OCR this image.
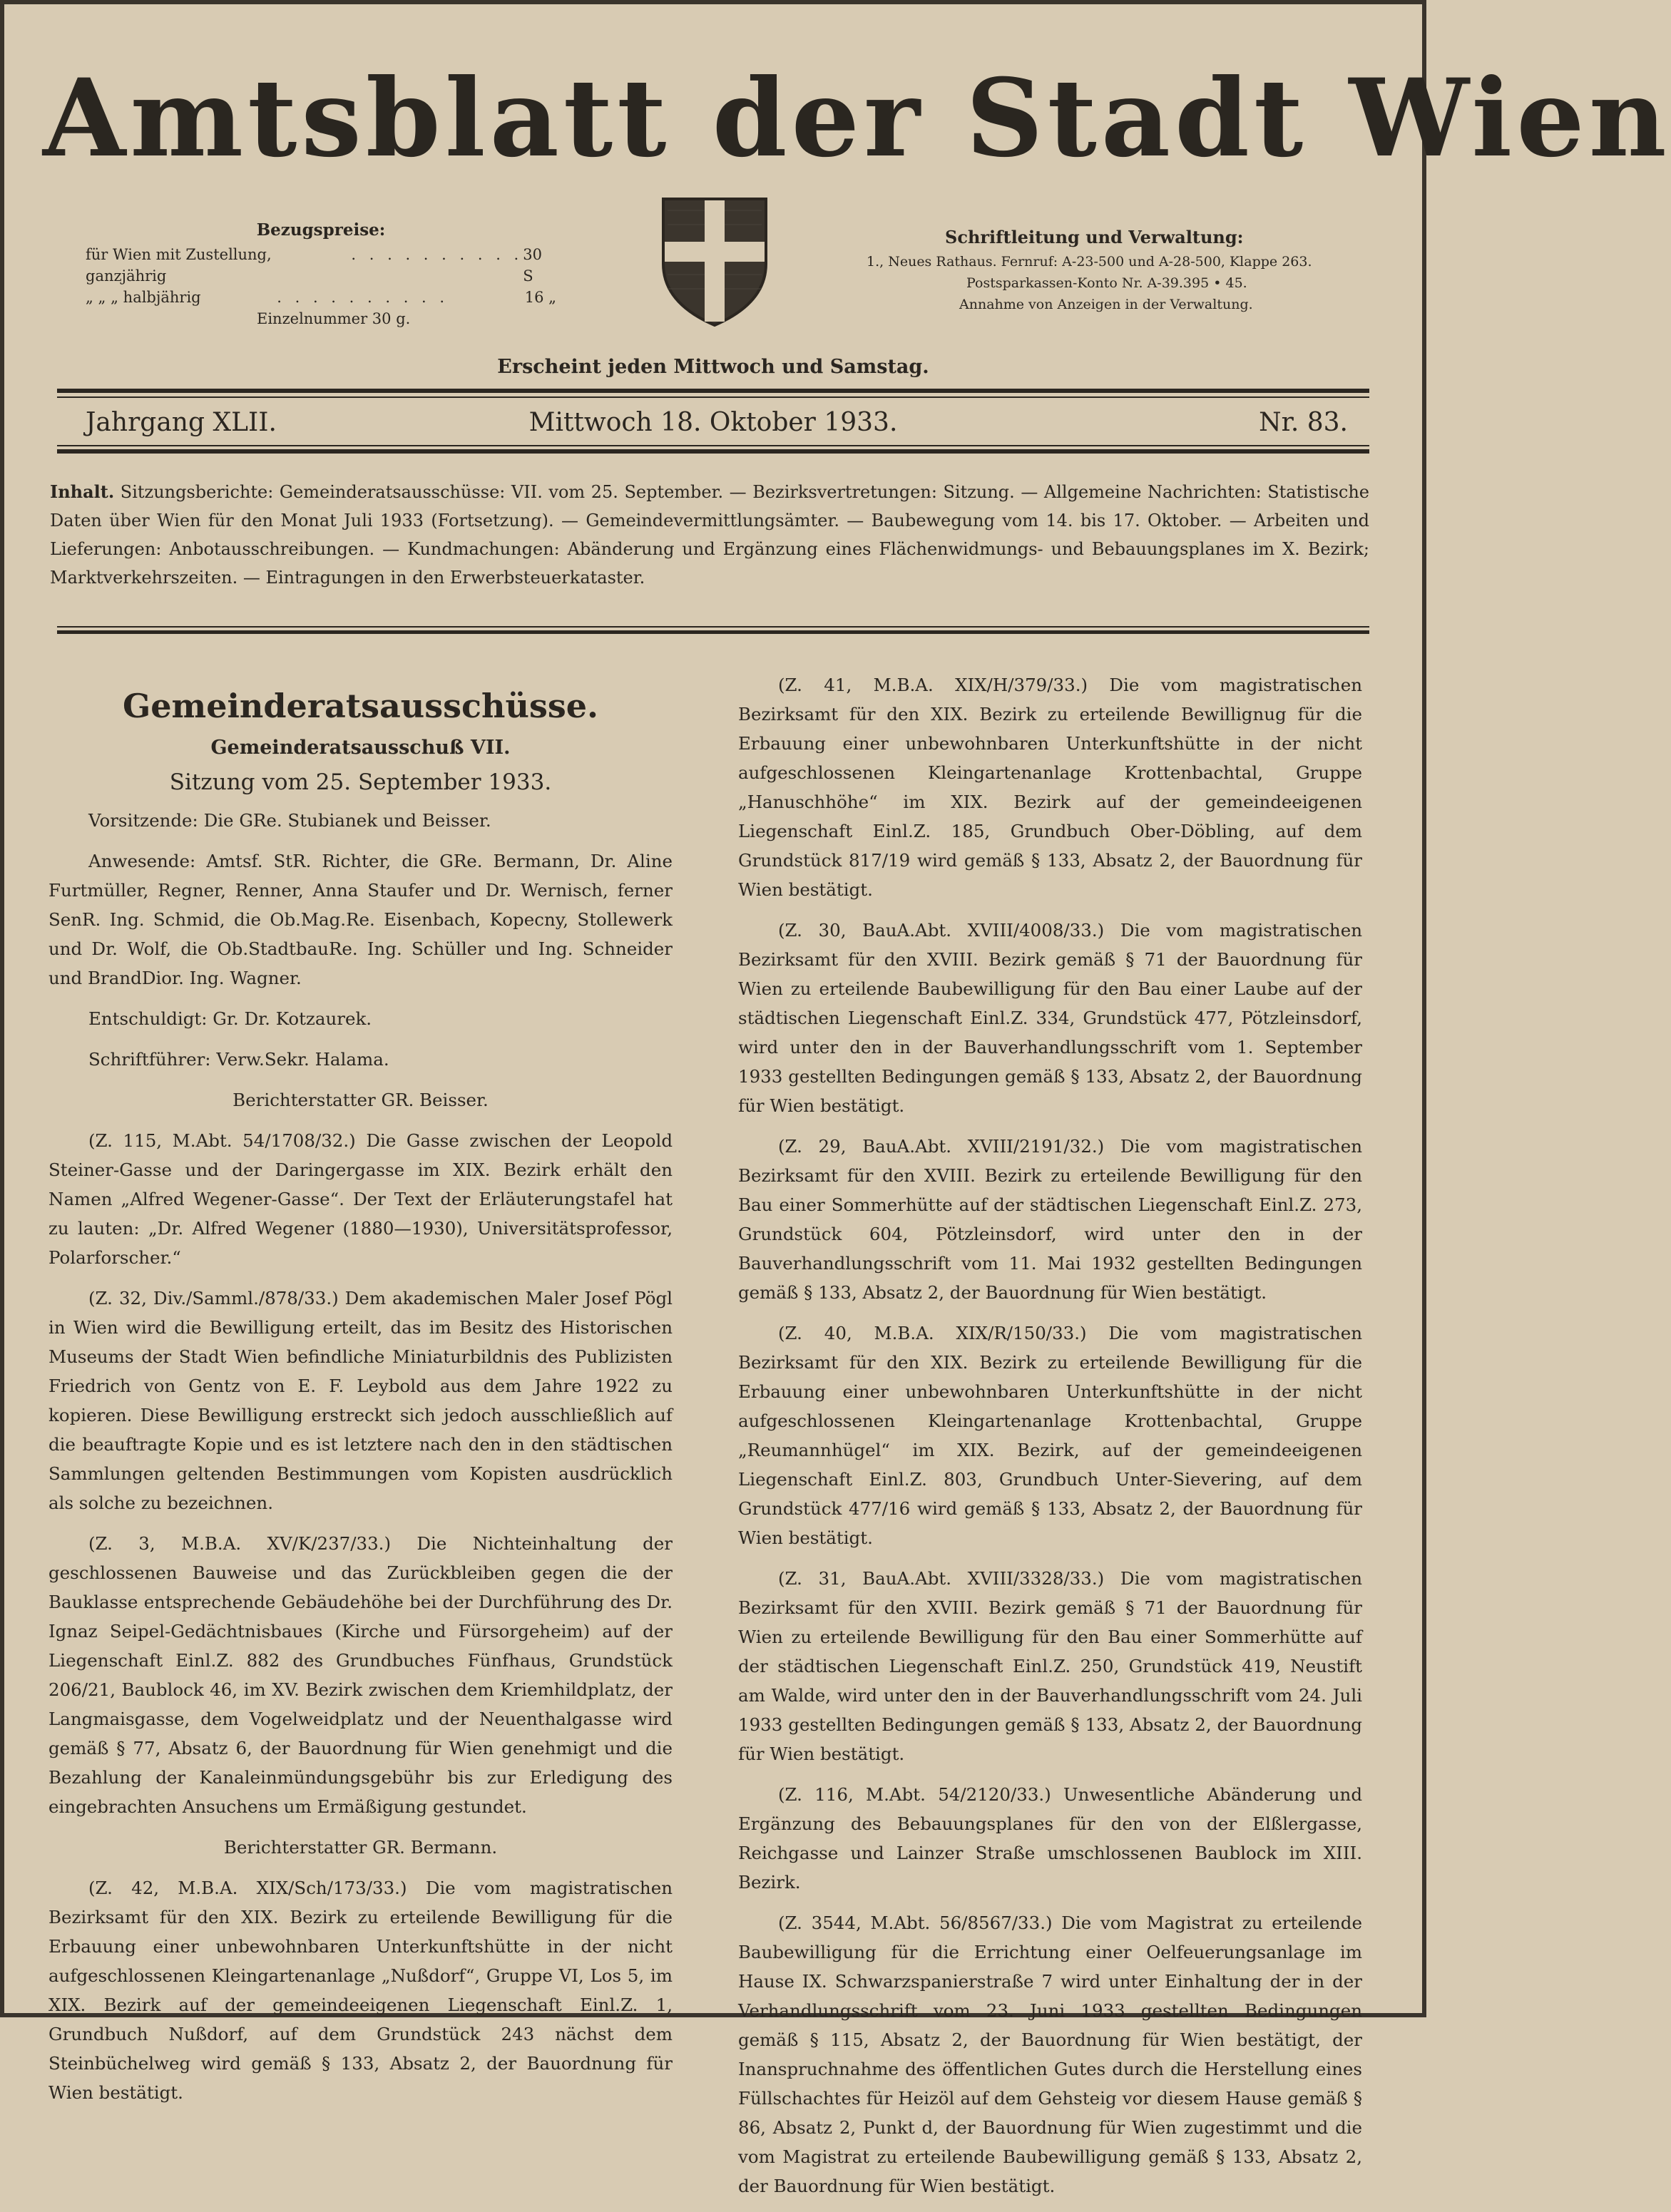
Amtsblatt der Stadt Wien
Bezugspreise:
für Wien mit Zustellung, ganzjährig
. . . . . . . . . . 30 S
„ „ „ halbjährig	. . . . . . . . . .	16 „
Einzelnummer 30 g.
Schriftleitung und Verwaltung:
1., Neues Rathaus. Fernruf: A-23-500 und A-28-500, Klappe 263.
Postsparkassen-Konto Nr. A-39.395 • 45.
Annahme von Anzeigen in der Verwaltung.
Erscheint jeden Mittwoch und Samstag.
Jahrgang XLII.	Mittwoch 18. Oktober 1933.	Nr. 83.
Inhalt. Sitzungsberichte: Gemeinderatsausschüsse: VII. vom 25. September. — Bezirksvertretungen: Sitzung. — Allgemeine Nachrichten: Statistische Daten über Wien für den Monat Juli 1933 (Fortsetzung). — Gemeindevermittlungsämter. — Baubewegung vom 14. bis 17. Oktober. — Arbeiten und Lieferungen: Anbotausschreibungen. — Kundmachungen: Abänderung und Ergänzung eines Flächenwidmungs- und Bebauungsplanes im X. Bezirk; Marktverkehrszeiten. — Eintragungen in den Erwerbsteuerkataster.
Gemeinderatsausschüsse.
Gemeinderatsausschuß VII.
Sitzung vom 25. September 1933.

Vorsitzende: Die GRe. Stubianek und Beisser.

Anwesende: Amtsf. StR. Richter, die GRe. Bermann, Dr. Aline Furtmüller, Regner, Renner, Anna Staufer und Dr. Wernisch, ferner SenR. Ing. Schmid, die Ob.Mag.Re. Eisenbach, Kopecny, Stollewerk und Dr. Wolf, die Ob.StadtbauRe. Ing. Schüller und Ing. Schneider und BrandDior. Ing. Wagner.

Entschuldigt: Gr. Dr. Kotzaurek.

Schriftführer: Verw.Sekr. Halama.

Berichterstatter GR. Beisser.

(Z. 115, M.Abt. 54/1708/32.) Die Gasse zwischen der Leopold Steiner-Gasse und der Daringergasse im XIX. Bezirk erhält den Namen „Alfred Wegener-Gasse“. Der Text der Erläuterungstafel hat zu lauten: „Dr. Alfred Wegener (1880—1930), Universitätsprofessor, Polarforscher.“

(Z. 32, Div./Samml./878/33.) Dem akademischen Maler Josef Pögl in Wien wird die Bewilligung erteilt, das im Besitz des Historischen Museums der Stadt Wien befindliche Miniaturbildnis des Publizisten Friedrich von Gentz von E. F. Leybold aus dem Jahre 1922 zu kopieren. Diese Bewilligung erstreckt sich jedoch ausschließlich auf die beauftragte Kopie und es ist letztere nach den in den städtischen Sammlungen geltenden Bestimmungen vom Kopisten ausdrücklich als solche zu bezeichnen.

(Z. 3, M.B.A. XV/K/237/33.) Die Nichteinhaltung der geschlossenen Bauweise und das Zurückbleiben gegen die der Bauklasse entsprechende Gebäudehöhe bei der Durchführung des Dr. Ignaz Seipel-Gedächtnisbaues (Kirche und Fürsorgeheim) auf der Liegenschaft Einl.Z. 882 des Grundbuches Fünfhaus, Grundstück 206/21, Baublock 46, im XV. Bezirk zwischen dem Kriemhildplatz, der Langmaisgasse, dem Vogelweidplatz und der Neuenthalgasse wird gemäß § 77, Absatz 6, der Bauordnung für Wien genehmigt und die Bezahlung der Kanaleinmündungsgebühr bis zur Erledigung des eingebrachten Ansuchens um Ermäßigung gestundet.

Berichterstatter GR. Bermann.

(Z. 42, M.B.A. XIX/Sch/173/33.) Die vom magistratischen Bezirksamt für den XIX. Bezirk zu erteilende Bewilligung für die Erbauung einer unbewohnbaren Unterkunftshütte in der nicht aufgeschlossenen Kleingartenanlage „Nußdorf“, Gruppe VI, Los 5, im XIX. Bezirk auf der gemeindeeigenen Liegenschaft Einl.Z. 1, Grundbuch Nußdorf, auf dem Grundstück 243 nächst dem Steinbüchelweg wird gemäß § 133, Absatz 2, der Bauordnung für Wien bestätigt.

(Z. 41, M.B.A. XIX/H/379/33.) Die vom magistratischen Bezirksamt für den XIX. Bezirk zu erteilende Bewillignug für die Erbauung einer unbewohnbaren Unterkunftshütte in der nicht aufgeschlossenen Kleingartenanlage Krottenbachtal, Gruppe „Hanuschhöhe“ im XIX. Bezirk auf der gemeindeeigenen Liegenschaft Einl.Z. 185, Grundbuch Ober-Döbling, auf dem Grundstück 817/19 wird gemäß § 133, Absatz 2, der Bauordnung für Wien bestätigt.

(Z. 30, BauA.Abt. XVIII/4008/33.) Die vom magistratischen Bezirksamt für den XVIII. Bezirk gemäß § 71 der Bauordnung für Wien zu erteilende Baubewilligung für den Bau einer Laube auf der städtischen Liegenschaft Einl.Z. 334, Grundstück 477, Pötzleinsdorf, wird unter den in der Bauverhandlungsschrift vom 1. September 1933 gestellten Bedingungen gemäß § 133, Absatz 2, der Bauordnung für Wien bestätigt.

(Z. 29, BauA.Abt. XVIII/2191/32.) Die vom magistratischen Bezirksamt für den XVIII. Bezirk zu erteilende Bewilligung für den Bau einer Sommerhütte auf der städtischen Liegenschaft Einl.Z. 273, Grundstück 604, Pötzleinsdorf, wird unter den in der Bauverhandlungsschrift vom 11. Mai 1932 gestellten Bedingungen gemäß § 133, Absatz 2, der Bauordnung für Wien bestätigt.

(Z. 40, M.B.A. XIX/R/150/33.) Die vom magistratischen Bezirksamt für den XIX. Bezirk zu erteilende Bewilligung für die Erbauung einer unbewohnbaren Unterkunftshütte in der nicht aufgeschlossenen Kleingartenanlage Krottenbachtal, Gruppe „Reumannhügel“ im XIX. Bezirk, auf der gemeindeeigenen Liegenschaft Einl.Z. 803, Grundbuch Unter-Sievering, auf dem Grundstück 477/16 wird gemäß § 133, Absatz 2, der Bauordnung für Wien bestätigt.

(Z. 31, BauA.Abt. XVIII/3328/33.) Die vom magistratischen Bezirksamt für den XVIII. Bezirk gemäß § 71 der Bauordnung für Wien zu erteilende Bewilligung für den Bau einer Sommerhütte auf der städtischen Liegenschaft Einl.Z. 250, Grundstück 419, Neustift am Walde, wird unter den in der Bauverhandlungsschrift vom 24. Juli 1933 gestellten Bedingungen gemäß § 133, Absatz 2, der Bauordnung für Wien bestätigt.

(Z. 116, M.Abt. 54/2120/33.) Unwesentliche Abänderung und Ergänzung des Bebauungsplanes für den von der Elßlergasse, Reichgasse und Lainzer Straße umschlossenen Baublock im XIII. Bezirk.

(Z. 3544, M.Abt. 56/8567/33.) Die vom Magistrat zu erteilende Baubewilligung für die Errichtung einer Oelfeuerungsanlage im Hause IX. Schwarzspanierstraße 7 wird unter Einhaltung der in der Verhandlungsschrift vom 23. Juni 1933 gestellten Bedingungen gemäß § 115, Absatz 2, der Bauordnung für Wien bestätigt, der Inanspruchnahme des öffentlichen Gutes durch die Herstellung eines Füllschachtes für Heizöl auf dem Gehsteig vor diesem Hause gemäß § 86, Absatz 2, Punkt d, der Bauordnung für Wien zugestimmt und die vom Magistrat zu erteilende Baubewilligung gemäß § 133, Absatz 2, der Bauordnung für Wien bestätigt.
